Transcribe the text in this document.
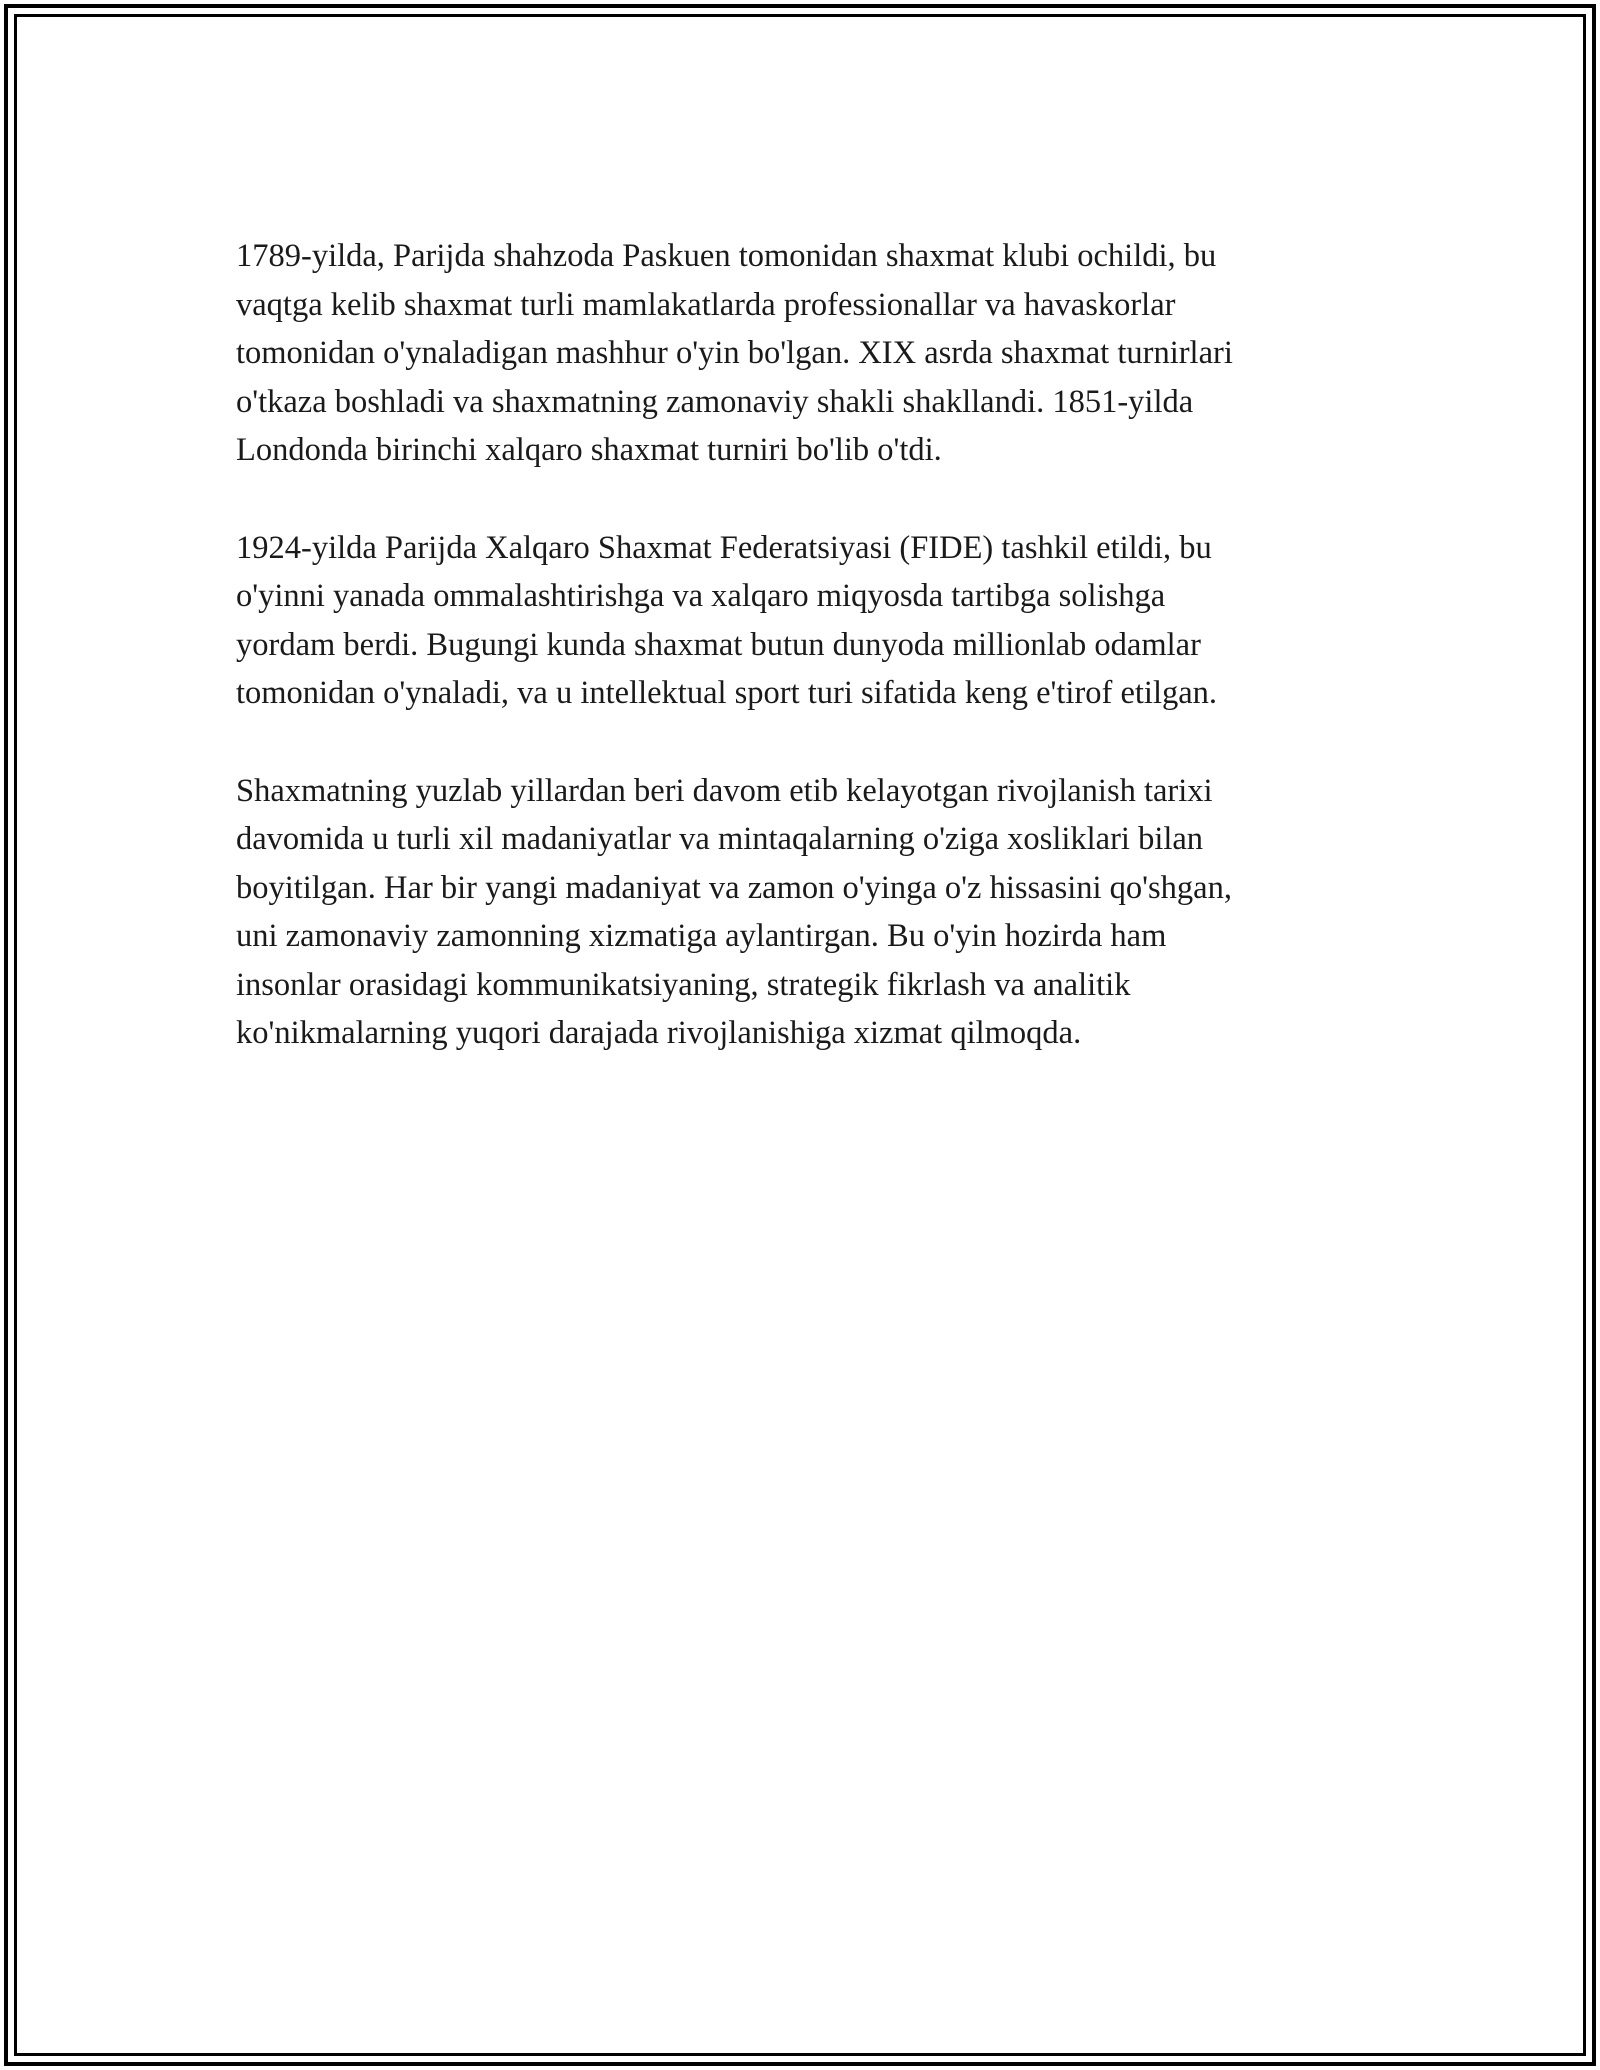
1789-yilda, Parijda shahzoda Paskuen tomonidan shaxmat klubi ochildi, bu
vaqtga kelib shaxmat turli mamlakatlarda professionallar va havaskorlar
tomonidan o'ynaladigan mashhur o'yin bo'lgan. XIX asrda shaxmat turnirlari
o'tkaza boshladi va shaxmatning zamonaviy shakli shakllandi. 1851-yilda
Londonda birinchi xalqaro shaxmat turniri bo'lib o'tdi.

1924-yilda Parijda Xalqaro Shaxmat Federatsiyasi (FIDE) tashkil etildi, bu
o'yinni yanada ommalashtirishga va xalqaro miqyosda tartibga solishga
yordam berdi. Bugungi kunda shaxmat butun dunyoda millionlab odamlar
tomonidan o'ynaladi, va u intellektual sport turi sifatida keng e'tirof etilgan.

Shaxmatning yuzlab yillardan beri davom etib kelayotgan rivojlanish tarixi
davomida u turli xil madaniyatlar va mintaqalarning o'ziga xosliklari bilan
boyitilgan. Har bir yangi madaniyat va zamon o'yinga o'z hissasini qo'shgan,
uni zamonaviy zamonning xizmatiga aylantirgan. Bu o'yin hozirda ham
insonlar orasidagi kommunikatsiyaning, strategik fikrlash va analitik
ko'nikmalarning yuqori darajada rivojlanishiga xizmat qilmoqda.
